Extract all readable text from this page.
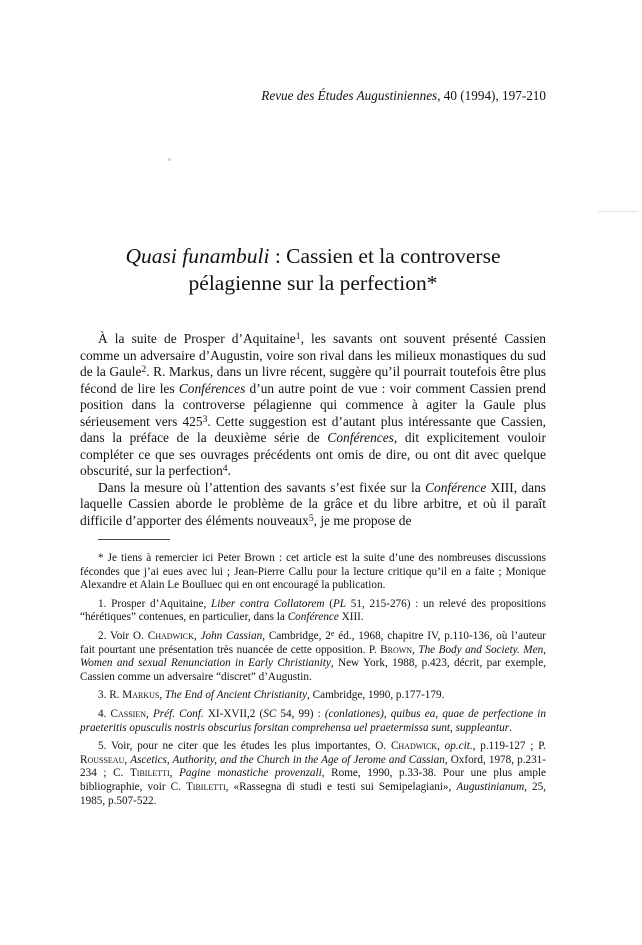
Revue des Études Augustiniennes, 40 (1994), 197-210
Quasi funambuli : Cassien et la controverse
pélagienne sur la perfection*

À la suite de Prosper d’Aquitaine$^1$, les savants ont souvent présenté Cassien comme un adversaire d’Augustin, voire son rival dans les milieux monastiques du sud de la Gaule$^2$. R. Markus, dans un livre récent, suggère qu’il pourrait toutefois être plus fécond de lire les Conférences d’un autre point de vue : voir comment Cassien prend position dans la controverse pélagienne qui commence à agiter la Gaule plus sérieusement vers $425^3$. Cette suggestion est d’autant plus intéressante que Cassien, dans la préface de la deuxième série de Conférences, dit explicitement vouloir compléter ce que ses ouvrages précédents ont omis de dire, ou ont dit avec quelque obscurité, sur la perfection$^4$.

Dans la mesure où l’attention des savants s’est fixée sur la Conférence XIII, dans laquelle Cassien aborde le problème de la grâce et du libre arbitre, et où il paraît difficile d’apporter des éléments nouveaux$^5$, je me propose de

* Je tiens à remercier ici Peter Brown : cet article est la suite d’une des nombreuses discussions fécondes que j’ai eues avec lui ; Jean-Pierre Callu pour la lecture critique qu’il en a faite ; Monique Alexandre et Alain Le Boulluec qui en ont encouragé la publication.

1. Prosper d’Aquitaine, Liber contra Collatorem (PL 51, 215-276) : un relevé des propositions “hérétiques” contenues, en particulier, dans la Conférence XIII.

2. Voir O. Chadwick, John Cassian, Cambridge, 2e éd., 1968, chapitre IV, p.110-136, où l’auteur fait pourtant une présentation très nuancée de cette opposition. P. Brown, The Body and Society. Men, Women and sexual Renunciation in Early Christianity, New York, 1988, p.423, décrit, par exemple, Cassien comme un adversaire “discret” d’Augustin.

3. R. Markus, The End of Ancient Christianity, Cambridge, 1990, p.177-179.

4. Cassien, Préf. Conf. XI-XVII,2 (SC 54, 99) : (conlationes), quibus ea, quae de perfectione in praeteritis opusculis nostris obscurius forsitan comprehensa uel praetermissa sunt, suppleantur.

5. Voir, pour ne citer que les études les plus importantes, O. Chadwick, op.cit., p.119-127 ; P. Rousseau, Ascetics, Authority, and the Church in the Age of Jerome and Cassian, Oxford, 1978, p.231-234 ; C. Tibiletti, Pagine monastiche provenzali, Rome, 1990, p.33-38. Pour une plus ample bibliographie, voir C. Tibiletti, «Rassegna di studi e testi sui Semipelagiani», Augustinianum, 25, 1985, p.507-522.
